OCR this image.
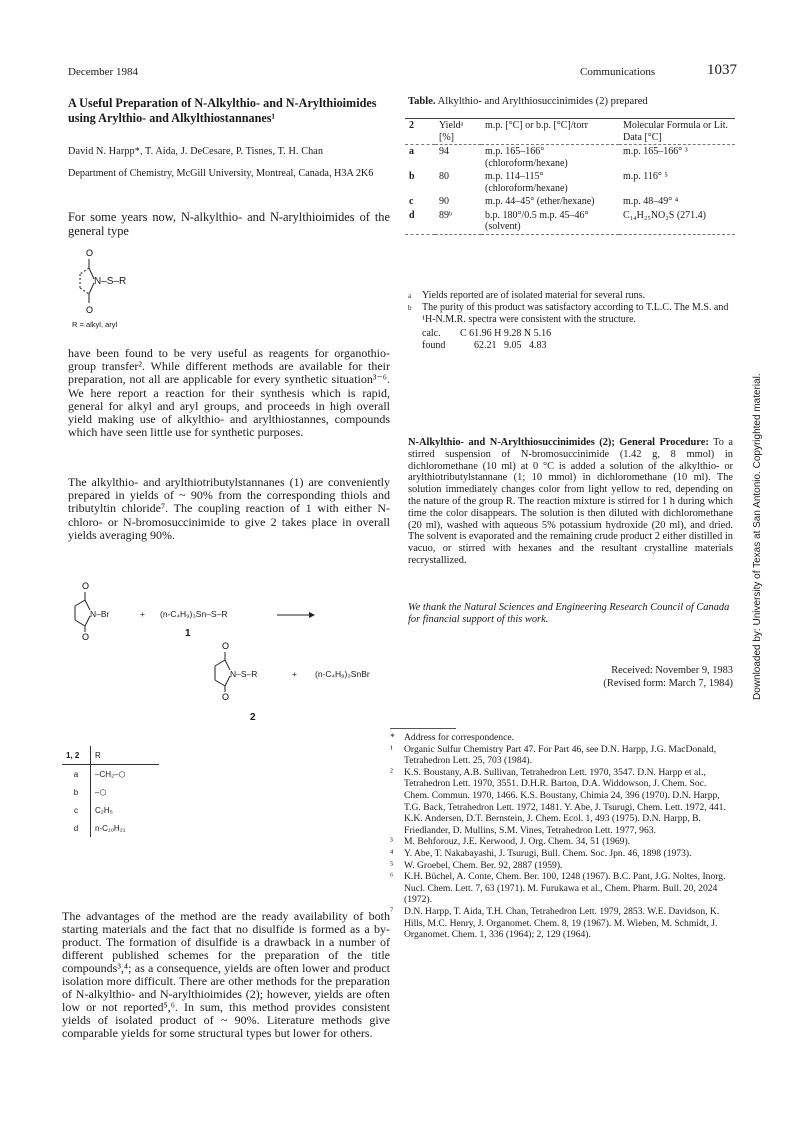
December 1984	Communications	1037
A Useful Preparation of N-Alkylthio- and N-Arylthioimides using Arylthio- and Alkylthiostannanes¹
David N. Harpp*, T. Aida, J. DeCesare, P. Tisnes, T. H. Chan
Department of Chemistry, McGill University, Montreal, Canada, H3A 2K6
For some years now, N-alkylthio- and N-arylthioimides of the general type
O
O
N–S–R
R = alkyl, aryl
have been found to be very useful as reagents for organothio-group transfer². While different methods are available for their preparation, not all are applicable for every synthetic situation³⁻⁶. We here report a reaction for their synthesis which is rapid, general for alkyl and aryl groups, and proceeds in high overall yield making use of alkylthio- and arylthiostannes, compounds which have seen little use for synthetic purposes.
The alkylthio- and arylthiotributylstannanes (1) are conveniently prepared in yields of ~ 90% from the corresponding thiols and tributyltin chloride⁷. The coupling reaction of 1 with either N-chloro- or N-bromosuccinimide to give 2 takes place in overall yields averaging 90%.
O
O
N–Br	+ (n-C₄H₉)₃Sn–S–R
1
O
O
N–S–R	+ (n-C₄H₉)₃SnBr
2
1, 2	R
a	–CH₂–⬡
b	–⬡
c	C₂H₅
d	n-C₁₀H₂₁
The advantages of the method are the ready availability of both starting materials and the fact that no disulfide is formed as a by-product. The formation of disulfide is a drawback in a number of different published schemes for the preparation of the title compounds³,⁴; as a consequence, yields are often lower and product isolation more difficult. There are other methods for the preparation of N-alkylthio- and N-arylthioimides (2); however, yields are often low or not reported⁵,⁶. In sum, this method provides consistent yields of isolated product of ~ 90%. Literature methods give comparable yields for some structural types but lower for others.
Table. Alkylthio- and Arylthiosuccinimides (2) prepared
2	Yieldᵃ [%]	m.p. [°C] or b.p. [°C]/torr	Molecular Formula or Lit. Data [°C]
a	94	m.p. 165–166° (chloroform/hexane)	m.p. 165–166° ³
b	80	m.p. 114–115° (chloroform/hexane)	m.p. 116° ⁵
c	90	m.p. 44–45° (ether/hexane)	m.p. 48–49° ⁴
d	89ᵇ	b.p. 180°/0.5 m.p. 45–46° (solvent)	C₁₄H₂₅NO₂S (271.4)
a Yields reported are of isolated material for several runs.
b The purity of this product was satisfactory according to T.L.C. The M.S. and ¹H-N.M.R. spectra were consistent with the structure.
calc. C 61.96 H 9.28 N 5.16
found	62.21   9.05   4.83
N-Alkylthio- and N-Arylthiosuccinimides (2); General Procedure: To a stirred suspension of N-bromosuccinimide (1.42 g, 8 mmol) in dichloromethane (10 ml) at 0 °C is added a solution of the alkylthio- or arylthiotributylstannane (1; 10 mmol) in dichloromethane (10 ml). The solution immediately changes color from light yellow to red, depending on the nature of the group R. The reaction mixture is stirred for 1 h during which time the color disappears. The solution is then diluted with dichloromethane (20 ml), washed with aqueous 5% potassium hydroxide (20 ml), and dried. The solvent is evaporated and the remaining crude product 2 either distilled in vacuo, or stirred with hexanes and the resultant crystalline materials recrystallized.
We thank the Natural Sciences and Engineering Research Council of Canada for financial support of this work.
Received: November 9, 1983
(Revised form: March 7, 1984)
* Address for correspondence.
¹ Organic Sulfur Chemistry Part 47. For Part 46, see D.N. Harpp, J.G. MacDonald, Tetrahedron Lett. 25, 703 (1984).
² K.S. Boustany, A.B. Sullivan, Tetrahedron Lett. 1970, 3547. D.N. Harpp et al., Tetrahedron Lett. 1970, 3551. D.H.R. Barton, D.A. Widdowson, J. Chem. Soc. Chem. Commun. 1970, 1466. K.S. Boustany, Chimia 24, 396 (1970). D.N. Harpp, T.G. Back, Tetrahedron Lett. 1972, 1481. Y. Abe, J. Tsurugi, Chem. Lett. 1972, 441. K.K. Andersen, D.T. Bernstein, J. Chem. Ecol. 1, 493 (1975). D.N. Harpp, B. Friedlander, D. Mullins, S.M. Vines, Tetrahedron Lett. 1977, 963.
³ M. Behforouz, J.E. Kerwood, J. Org. Chem. 34, 51 (1969).
⁴ Y. Abe, T. Nakabayashi, J. Tsurugi, Bull. Chem. Soc. Jpn. 46, 1898 (1973).
⁵ W. Groebel, Chem. Ber. 92, 2887 (1959).
⁶ K.H. Büchel, A. Conte, Chem. Ber. 100, 1248 (1967). B.C. Pant, J.G. Noltes, Inorg. Nucl. Chem. Lett. 7, 63 (1971). M. Furukawa et al., Chem. Pharm. Bull. 20, 2024 (1972).
⁷ D.N. Harpp, T. Aida, T.H. Chan, Tetrahedron Lett. 1979, 2853. W.E. Davidson, K. Hills, M.C. Henry, J. Organomet. Chem. 8, 19 (1967). M. Wieben, M. Schmidt, J. Organomet. Chem. 1, 336 (1964); 2, 129 (1964).
Downloaded by: University of Texas at San Antonio. Copyrighted material.
